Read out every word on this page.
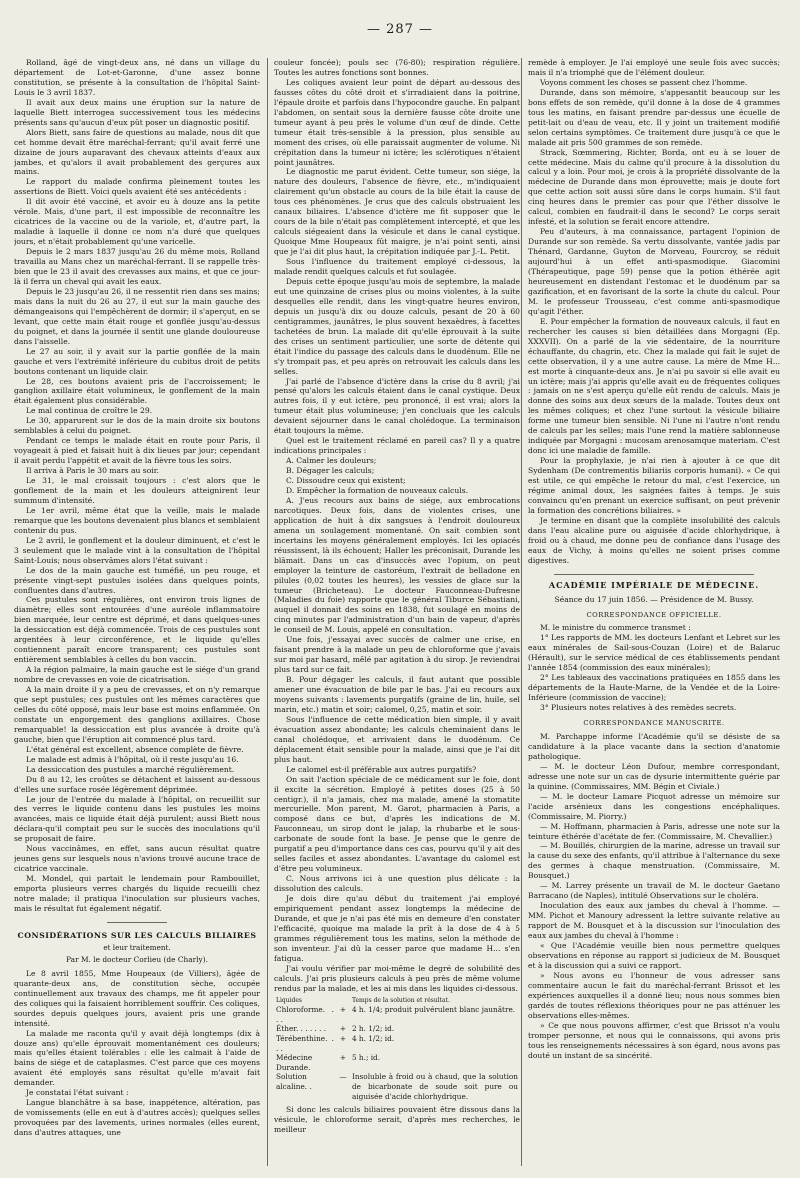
— 287 —

Rolland, âgé de vingt-deux ans, né dans un village du département de Lot-et-Garonne, d'une assez bonne constitution, se présente à la consultation de l'hôpital Saint-Louis le 3 avril 1837.

Il avait aux deux mains une éruption sur la nature de laquelle Biett interrogea successivement tous les médecins présents sans qu'aucun d'eux pût poser un diagnostic positif.

Alors Biett, sans faire de questions au malade, nous dit que cet homme devait être maréchal-ferrant; qu'il avait ferré une dizaine de jours auparavant des chevaux atteints d'eaux aux jambes, et qu'alors il avait probablement des gerçures aux mains.

Le rapport du malade confirma pleinement toutes les assertions de Biett. Voici quels avaient été ses antécédents :

Il dit avoir été vacciné, et avoir eu à douze ans la petite vérole. Mais, d'une part, il est impossible de reconnaître les cicatrices de la vaccine ou de la variole, et, d'autre part, la maladie à laquelle il donne ce nom n'a duré que quelques jours, et n'était probablement qu'une varicelle.

Depuis le 2 mars 1837 jusqu'au 26 du même mois, Rolland travailla au Mans chez un maréchal-ferrant. Il se rappelle très-bien que le 23 il avait des crevasses aux mains, et que ce jour-là il ferra un cheval qui avait les eaux.

Depuis le 23 jusqu'au 26, il ne ressentit rien dans ses mains; mais dans la nuit du 26 au 27, il eut sur la main gauche des démangeaisons qui l'empêchèrent de dormir; il s'aperçut, en se levant, que cette main était rouge et gonflée jusqu'au-dessus du poignet, et dans la journée il sentit une glande douloureuse dans l'aisselle.

Le 27 au soir, il y avait sur la partie gonflée de la main gauche et vers l'extrémité inférieure du cubitus droit de petits boutons contenant un liquide clair.

Le 28, ces boutons avaient pris de l'accroissement; le ganglion axillaire était volumineux, le gonflement de la main était également plus considérable.

Le mal continua de croître le 29.

Le 30, apparurent sur le dos de la main droite six boutons semblables à celui du poignet.

Pendant ce temps le malade était en route pour Paris, il voyageait à pied et faisait huit à dix lieues par jour; cependant il avait perdu l'appétit et avait de la fièvre tous les soirs.

Il arriva à Paris le 30 mars au soir.

Le 31, le mal croissait toujours : c'est alors que le gonflement de la main et les douleurs atteignirent leur summum d'intensité.

Le 1er avril, même état que la veille, mais le malade remarque que les boutons devenaient plus blancs et semblaient contenir du pus.

Le 2 avril, le gonflement et la douleur diminuent, et c'est le 3 seulement que le malade vint à la consultation de l'hôpital Saint-Louis; nous observâmes alors l'état suivant :

Le dos de la main gauche est tuméfié, un peu rouge, et présente vingt-sept pustules isolées dans quelques points, confluentes dans d'autres.

Ces pustules sont régulières, ont environ trois lignes de diamètre; elles sont entourées d'une auréole inflammatoire bien marquée, leur centre est déprimé, et dans quelques-unes la dessiccation est déjà commencée. Trois de ces pustules sont argentées à leur circonférence, et le liquide qu'elles contiennent paraît encore transparent; ces pustules sont entièrement semblables à celles du bon vaccin.

A la région palmaire, la main gauche est le siége d'un grand nombre de crevasses en voie de cicatrisation.

A la main droite il y a peu de crevasses, et on n'y remarque que sept pustules; ces pustules ont les mêmes caractères que celles du côté opposé, mais leur base est moins enflammée. On constate un engorgement des ganglions axillaires. Chose remarquable! la dessiccation est plus avancée à droite qu'à gauche, bien que l'éruption ait commencé plus tard.

L'état général est excellent, absence complète de fièvre.

Le malade est admis à l'hôpital, où il reste jusqu'au 16.

La dessiccation des pustules a marché régulièrement.

Du 8 au 12, les croûtes se détachent et laissent au-dessous d'elles une surface rosée légèrement déprimée.

Le jour de l'entrée du malade à l'hôpital, on recueillit sur des verres le liquide contenu dans les pustules les moins avancées, mais ce liquide était déjà purulent; aussi Biett nous déclara-qu'il comptait peu sur le succès des inoculations qu'il se proposait de faire.

Nous vaccinâmes, en effet, sans aucun résultat quatre jeunes gens sur lesquels nous n'avions trouvé aucune trace de cicatrice vaccinale.

M. Mondel, qui partait le lendemain pour Rambouillet, emporta plusieurs verres chargés du liquide recueilli chez notre malade; il pratiqua l'inoculation sur plusieurs vaches, mais le résultat fut également négatif.

CONSIDÉRATIONS SUR LES CALCULS BILIAIRES
et leur traitement.
Par M. le docteur Corlieu (de Charly).

Le 8 avril 1855, Mme Houpeaux (de Villiers), âgée de quarante-deux ans, de constitution sèche, occupée continuellement aux travaux des champs, me fit appeler pour des coliques qui la faisaient horriblement souffrir. Ces coliques, sourdes depuis quelques jours, avaient pris une grande intensité.

La malade me raconta qu'il y avait déjà longtemps (dix à douze ans) qu'elle éprouvait momentanément ces douleurs; mais qu'elles étaient tolérables : elle les calmait à l'aide de bains de siége et de cataplasmes. C'est parce que ces moyens avaient été employés sans résultat qu'elle m'avait fait demander.

Je constatai l'état suivant :

Langue blanchâtre à sa base, inappétence, altération, pas de vomissements (elle en eut à d'autres accès); quelques selles provoquées par des lavements, urines normales (elles eurent, dans d'autres attaques, une

couleur foncée); pouls sec (76-80); respiration régulière. Toutes les autres fonctions sont bonnes.

Les coliques avaient leur point de départ au-dessous des fausses côtes du côté droit et s'irradiaient dans la poitrine, l'épaule droite et parfois dans l'hypocondre gauche. En palpant l'abdomen, on sentait sous la dernière fausse côte droite une tumeur ayant à peu près le volume d'un œuf de dinde. Cette tumeur était très-sensible à la pression, plus sensible au moment des crises, où elle paraissait augmenter de volume. Ni crépitation dans la tumeur ni ictère; les sclérotiques n'étaient point jaunâtres.

Le diagnostic me parut évident. Cette tumeur, son siége, la nature des douleurs, l'absence de fièvre, etc., m'indiquaient clairement qu'un obstacle au cours de la bile était la cause de tous ces phénomènes. Je crus que des calculs obstruaient les canaux biliaires. L'absence d'ictère me fit supposer que le cours de la bile n'était pas complètement intercepté, et que les calculs siégeaient dans la vésicule et dans le canal cystique. Quoique Mme Houpeaux fût maigre, je n'ai point senti, ainsi que je l'ai dit plus haut, la crépitation indiquée par J.-L. Petit.

Sous l'influence du traitement employé ci-dessous, la malade rendit quelques calculs et fut soulagée.

Depuis cette époque jusqu'au mois de septembre, la malade eut une quinzaine de crises plus ou moins violentes, à la suite desquelles elle rendit, dans les vingt-quatre heures environ, depuis un jusqu'à dix ou douze calculs, pesant de 20 à 60 centigrammes, jaunâtres, le plus souvent hexaèdres, à facettes tachetées de brun. La malade dit qu'elle éprouvait à la suite des crises un sentiment particulier, une sorte de détente qui était l'indice du passage des calculs dans le duodénum. Elle ne s'y trompait pas, et peu après on retrouvait les calculs dans les selles.

J'ai parlé de l'absence d'ictère dans la crise du 8 avril; j'ai pensé qu'alors les calculs étaient dans le canal cystique. Deux autres fois, il y eut ictère, peu prononcé, il est vrai; alors la tumeur était plus volumineuse; j'en concluais que les calculs devaient séjourner dans le canal cholédoque. La terminaison était toujours la même.

Quel est le traitement réclamé en pareil cas? Il y a quatre indications principales :

A. Calmer les douleurs;

B. Dégager les calculs;

C. Dissoudre ceux qui existent;

D. Empêcher la formation de nouveaux calculs.

A. J'eus recours aux bains de siége, aux embrocations narcotiques. Deux fois, dans de violentes crises, une application de huit à dix sangsues à l'endroit douloureux amena un soulagement momentané. On sait combien sont incertains les moyens généralement employés. Ici les opiacés réussissent, là ils échouent; Haller les préconisait, Durande les blâmait. Dans un cas d'insuccès avec l'opium, on peut employer la teinture de castoréum, l'extrait de belladone en pilules (0,02 toutes les heures), les vessies de glace sur la tumeur (Bricheteau). Le docteur Fauconneau-Dufresne (Maladies du foie) rapporte que le général Tiburce Sébastiani, auquel il donnait des soins en 1838, fut soulagé en moins de cinq minutes par l'administration d'un bain de vapeur, d'après le conseil de M. Louis, appelé en consultation.

Une fois, j'essayai avec succès de calmer une crise, en faisant prendre à la malade un peu de chloroforme que j'avais sur moi par hasard, mêlé par agitation à du sirop. Je reviendrai plus tard sur ce fait.

B. Pour dégager les calculs, il faut autant que possible amener une évacuation de bile par le bas. J'ai eu recours aux moyens suivants : lavements purgatifs (graine de lin, huile, sel marin, etc.) matin et soir; calomel, 0,25, matin et soir.

Sous l'influence de cette médication bien simple, il y avait évacuation assez abondante; les calculs cheminaient dans le canal cholédoque, et arrivaient dans le duodénum. Ce déplacement était sensible pour la malade, ainsi que je l'ai dit plus haut.

Le calomel est-il préférable aux autres purgatifs?

On sait l'action spéciale de ce médicament sur le foie, dont il excite la sécrétion. Employé à petites doses (25 à 50 centigr.), il n'a jamais, chez ma malade, amené la stomatite mercurielle. Mon parent, M. Garot, pharmacien à Paris, a composé dans ce but, d'après les indications de M. Fauconneau, un sirop dont le jalap, la rhubarbe et le sous-carbonate de soude font la base. Je pense que le genre de purgatif a peu d'importance dans ces cas, pourvu qu'il y ait des selles faciles et assez abondantes. L'avantage du calomel est d'être peu volumineux.

C. Nous arrivons ici à une question plus délicate : la dissolution des calculs.

Je dois dire qu'au début du traitement j'ai employé empiriquement pendant assez longtemps la médecine de Durande, et que je n'ai pas été mis en demeure d'en constater l'efficacité, quoique ma malade la prît à la dose de 4 à 5 grammes régulièrement tous les matins, selon la méthode de son inventeur. J'ai dû la cesser parce que madame H... s'en fatigua.

J'ai voulu vérifier par moi-même le degré de solubilité des calculs. J'ai pris plusieurs calculs à peu près de même volume rendus par la malade, et les ai mis dans les liquides ci-dessous.

Liquides		Temps de la solution et résultat.
Chloroforme. . . .	+	4 h. 1/4; produit pulvérulent blanc jaunâtre.
Éther. . . . . . .	+	2 h. 1/2; id.
Térébenthine. . . .	+	4 h. 1/2; id.
Médecine Durande.	+	5 h.; id.
Solution alcaline. .	—	Insoluble à froid ou à chaud, que la solution de bicarbonate de soude soit pure ou aiguisée d'acide chlorhydrique.

Si donc les calculs biliaires pouvaient être dissous dans la vésicule, le chloroforme serait, d'après mes recherches, le meilleur

remède à employer. Je l'ai employé une seule fois avec succès; mais il n'a triomphé que de l'élément douleur.

Voyons comment les choses se passent chez l'homme.

Durande, dans son mémoire, s'appesantit beaucoup sur les bons effets de son remède, qu'il donne à la dose de 4 grammes tous les matins, en faisant prendre par-dessus une écuelle de petit-lait ou d'eau de veau, etc. Il y joint un traitement modifié selon certains symptômes. Ce traitement dure jusqu'à ce que le malade ait pris 500 grammes de son remède.

Strack, Sœmmering, Richter, Borda, ont eu à se louer de cette médecine. Mais du calme qu'il procure à la dissolution du calcul y a loin. Pour moi, je crois à la propriété dissolvante de la médecine de Durande dans mon éprouvette; mais je doute fort que cette action soit aussi sûre dans le corps humain. S'il faut cinq heures dans le premier cas pour que l'éther dissolve le calcul, combien en faudrait-il dans le second? Le corps serait infesté, et la solution se ferait encore attendre.

Peu d'auteurs, à ma connaissance, partagent l'opinion de Durande sur son remède. Sa vertu dissolvante, vantée jadis par Thénard, Gardanne, Guyton de Morveau, Fourcroy, se réduit aujourd'hui à un effet anti-spasmodique. Giacomini (Thérapeutique, page 59) pense que la potion éthérée agit heureusement en distendant l'estomac et le duodénum par sa gazification, et en favorisant de la sorte la chute du calcul. Pour M. le professeur Trousseau, c'est comme anti-spasmodique qu'agit l'éther.

E. Pour empêcher la formation de nouveaux calculs, il faut en rechercher les causes si bien détaillées dans Morgagni (Ep. XXXVII). On a parlé de la vie sédentaire, de la nourriture échauffante, du chagrin, etc. Chez la malade qui fait le sujet de cette observation, il y a une autre cause. La mère de Mme H... est morte à cinquante-deux ans. Je n'ai pu savoir si elle avait eu un ictère; mais j'ai appris qu'elle avait eu de fréquentes coliques : jamais on ne s'est aperçu qu'elle eût rendu de calculs. Mais je donne des soins aux deux sœurs de la malade. Toutes deux ont les mêmes coliques; et chez l'une surtout la vésicule biliaire forme une tumeur bien sensible. Ni l'une ni l'autre n'ont rendu de calculs par les selles; mais l'une rend la matière sablonneuse indiquée par Morgagni : mucosam arenosamque materiam. C'est donc ici une maladie de famille.

Pour la prophylaxie, je n'ai rien à ajouter à ce que dit Sydenham (De contrementis biliariis corporis humani). « Ce qui est utile, ce qui empêche le retour du mal, c'est l'exercice, un régime animal doux, les saignées faites à temps. Je suis convaincu qu'en prenant un exercice suffisant, on peut prévenir la formation des concrétions biliaires. »

Je termine en disant que la complète insolubilité des calculs dans l'eau alcaline pure ou aiguisée d'acide chlorhydrique, à froid ou à chaud, me donne peu de confiance dans l'usage des eaux de Vichy, à moins qu'elles ne soient prises comme digestives.

ACADÉMIE IMPÉRIALE DE MÉDECINE.

Séance du 17 juin 1856. — Présidence de M. Bussy.

CORRESPONDANCE OFFICIELLE.

M. le ministre du commerce transmet :

1° Les rapports de MM. les docteurs Lenfant et Lebret sur les eaux minérales de Sail-sous-Couzan (Loire) et de Balaruc (Hérault), sur le service médical de ces établissements pendant l'année 1854 (commission des eaux minérales);

2° Les tableaux des vaccinations pratiquées en 1855 dans les départements de la Haute-Marne, de la Vendée et de la Loire-Inférieure (commission de vaccine);

3° Plusieurs notes relatives à des remèdes secrets.

CORRESPONDANCE MANUSCRITE.

M. Parchappe informe l'Académie qu'il se désiste de sa candidature à la place vacante dans la section d'anatomie pathologique.

— M. le docteur Léon Dufour, membre correspondant, adresse une note sur un cas de dysurie intermittente guérie par la quinine. (Commissaires, MM. Bégin et Civiale.)

— M. le docteur Lamare Picquot adresse un mémoire sur l'acide arsénieux dans les congestions encéphaliques. (Commissaire, M. Piorry.)

— M. Hoffmann, pharmacien à Paris, adresse une note sur la teinture éthérée d'acétate de fer. (Commissaire, M. Chevallier.)

— M. Bouillés, chirurgien de la marine, adresse un travail sur la cause du sexe des enfants, qu'il attribue à l'alternance du sexe des germes à chaque menstruation. (Commissaire, M. Bousquet.)

— M. Larrey présente un travail de M. le docteur Gaetano Barracano (de Naples), intitulé Observations sur le choléra.

Inoculation des eaux aux jambes du cheval à l'homme. — MM. Pichot et Manoury adressent la lettre suivante relative au rapport de M. Bousquet et à la discussion sur l'inoculation des eaux aux jambes du cheval à l'homme :

« Que l'Académie veuille bien nous permettre quelques observations en réponse au rapport si judicieux de M. Bousquet et à la discussion qui a suivi ce rapport.

» Nous avons eu l'honneur de vous adresser sans commentaire aucun le fait du maréchal-ferrant Brissot et les expériences auxquelles il a donné lieu; nous nous sommes bien gardés de toutes réflexions théoriques pour ne pas atténuer les observations elles-mêmes.

» Ce que nous pouvons affirmer, c'est que Brissot n'a voulu tromper personne, et nous qui le connaissons, qui avons pris tous les renseignements nécessaires à son égard, nous avons pas douté un instant de sa sincérité.
